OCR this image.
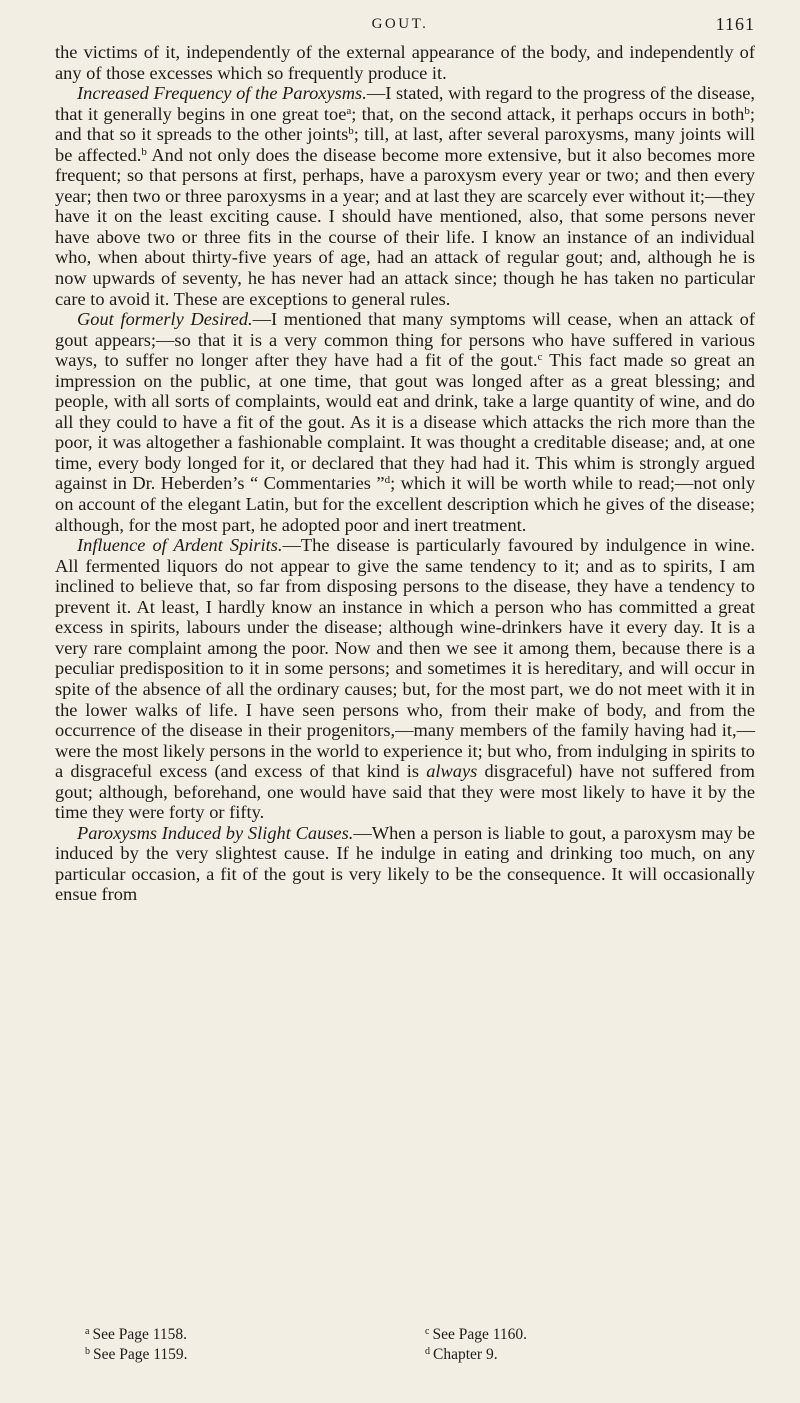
GOUT.	1161

the victims of it, independently of the external appearance of the body, and independently of any of those excesses which so frequently produce it.

Increased Frequency of the Paroxysms.—I stated, with regard to the progress of the disease, that it generally begins in one great toe$^a$; that, on the second attack, it perhaps occurs in both$^b$; and that so it spreads to the other joints$^b$; till, at last, after several paroxysms, many joints will be affected.$^b$ And not only does the disease become more extensive, but it also becomes more frequent; so that persons at first, perhaps, have a paroxysm every year or two; and then every year; then two or three paroxysms in a year; and at last they are scarcely ever without it;—they have it on the least exciting cause. I should have mentioned, also, that some persons never have above two or three fits in the course of their life. I know an instance of an individual who, when about thirty-five years of age, had an attack of regular gout; and, although he is now upwards of seventy, he has never had an attack since; though he has taken no particular care to avoid it. These are exceptions to general rules.

Gout formerly Desired.—I mentioned that many symptoms will cease, when an attack of gout appears;—so that it is a very common thing for persons who have suffered in various ways, to suffer no longer after they have had a fit of the gout.$^c$ This fact made so great an impression on the public, at one time, that gout was longed after as a great blessing; and people, with all sorts of complaints, would eat and drink, take a large quantity of wine, and do all they could to have a fit of the gout. As it is a disease which attacks the rich more than the poor, it was altogether a fashionable complaint. It was thought a creditable disease; and, at one time, every body longed for it, or declared that they had had it. This whim is strongly argued against in Dr. Heberden’s “ Commentaries ”$^d$; which it will be worth while to read;—not only on account of the elegant Latin, but for the excellent description which he gives of the disease; although, for the most part, he adopted poor and inert treatment.

Influence of Ardent Spirits.—The disease is particularly favoured by indulgence in wine. All fermented liquors do not appear to give the same tendency to it; and as to spirits, I am inclined to believe that, so far from disposing persons to the disease, they have a tendency to prevent it. At least, I hardly know an instance in which a person who has committed a great excess in spirits, labours under the disease; although wine-drinkers have it every day. It is a very rare complaint among the poor. Now and then we see it among them, because there is a peculiar predisposition to it in some persons; and sometimes it is hereditary, and will occur in spite of the absence of all the ordinary causes; but, for the most part, we do not meet with it in the lower walks of life. I have seen persons who, from their make of body, and from the occurrence of the disease in their progenitors,—many members of the family having had it,—were the most likely persons in the world to experience it; but who, from indulging in spirits to a disgraceful excess (and excess of that kind is always disgraceful) have not suffered from gout; although, beforehand, one would have said that they were most likely to have it by the time they were forty or fifty.

Paroxysms Induced by Slight Causes.—When a person is liable to gout, a paroxysm may be induced by the very slightest cause. If he indulge in eating and drinking too much, on any particular occasion, a fit of the gout is very likely to be the consequence. It will occasionally ensue from

$^a$ See Page 1158.
$^b$ See Page 1159.
$^c$ See Page 1160.
$^d$ Chapter 9.
